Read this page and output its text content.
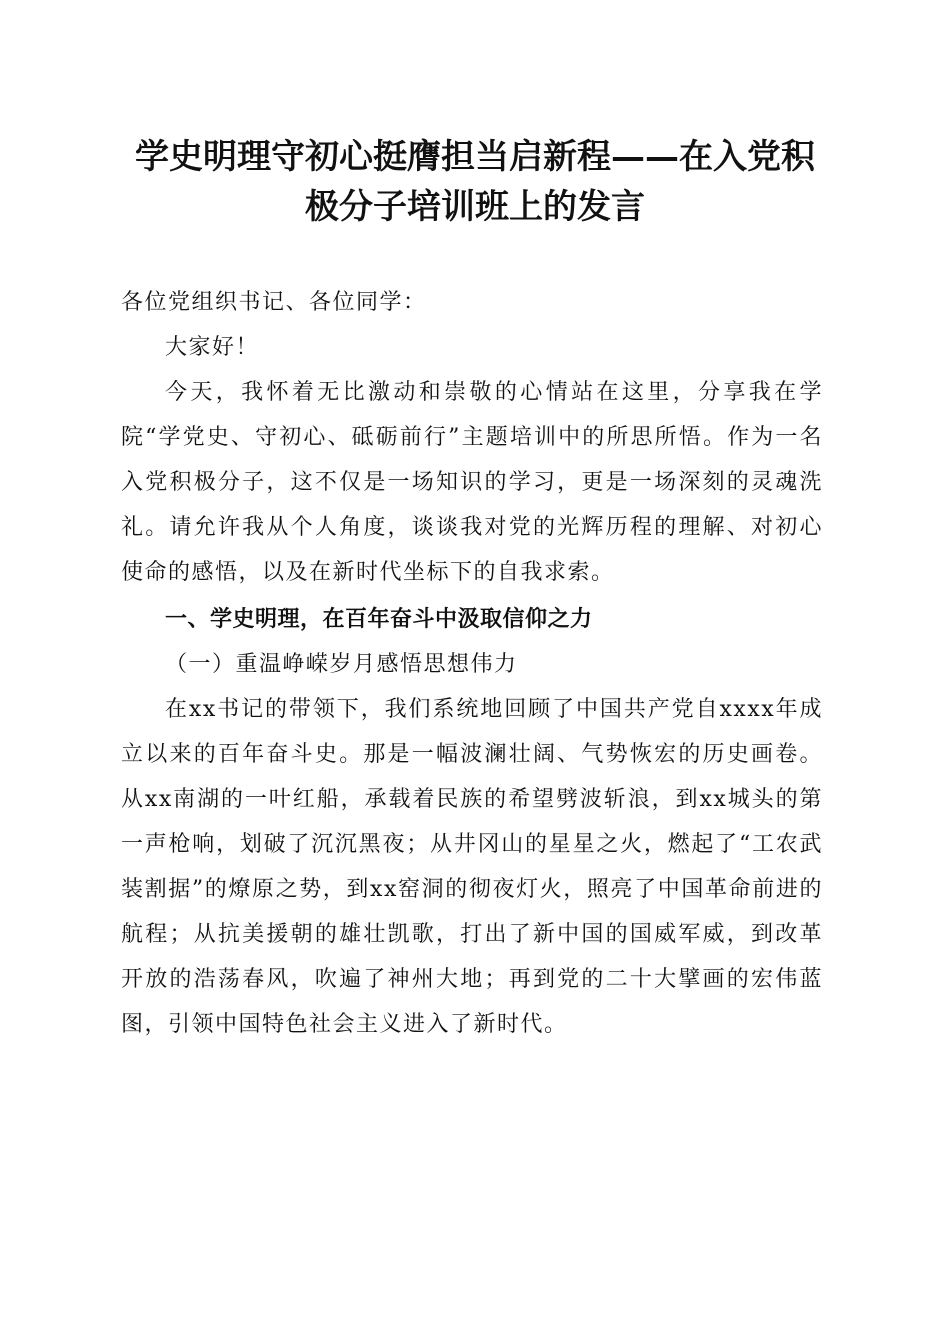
学史明理守初心挺膺担当启新程——在入党积
极分子培训班上的发言

各位党组织书记、各位同学：

大家好！

今天，我怀着无比激动和崇敬的心情站在这里，分享我在学院“学党史、守初心、砥砺前行”主题培训中的所思所悟。作为一名入党积极分子，这不仅是一场知识的学习，更是一场深刻的灵魂洗礼。请允许我从个人角度，谈谈我对党的光辉历程的理解、对初心使命的感悟，以及在新时代坐标下的自我求索。

一、学史明理，在百年奋斗中汲取信仰之力

（一）重温峥嵘岁月感悟思想伟力

在xx书记的带领下，我们系统地回顾了中国共产党自xxxx年成立以来的百年奋斗史。那是一幅波澜壮阔、气势恢宏的历史画卷。从xx南湖的一叶红船，承载着民族的希望劈波斩浪，到xx城头的第一声枪响，划破了沉沉黑夜；从井冈山的星星之火，燃起了“工农武装割据”的燎原之势，到xx窑洞的彻夜灯火，照亮了中国革命前进的航程；从抗美援朝的雄壮凯歌，打出了新中国的国威军威，到改革开放的浩荡春风，吹遍了神州大地；再到党的二十大擘画的宏伟蓝图，引领中国特色社会主义进入了新时代。
